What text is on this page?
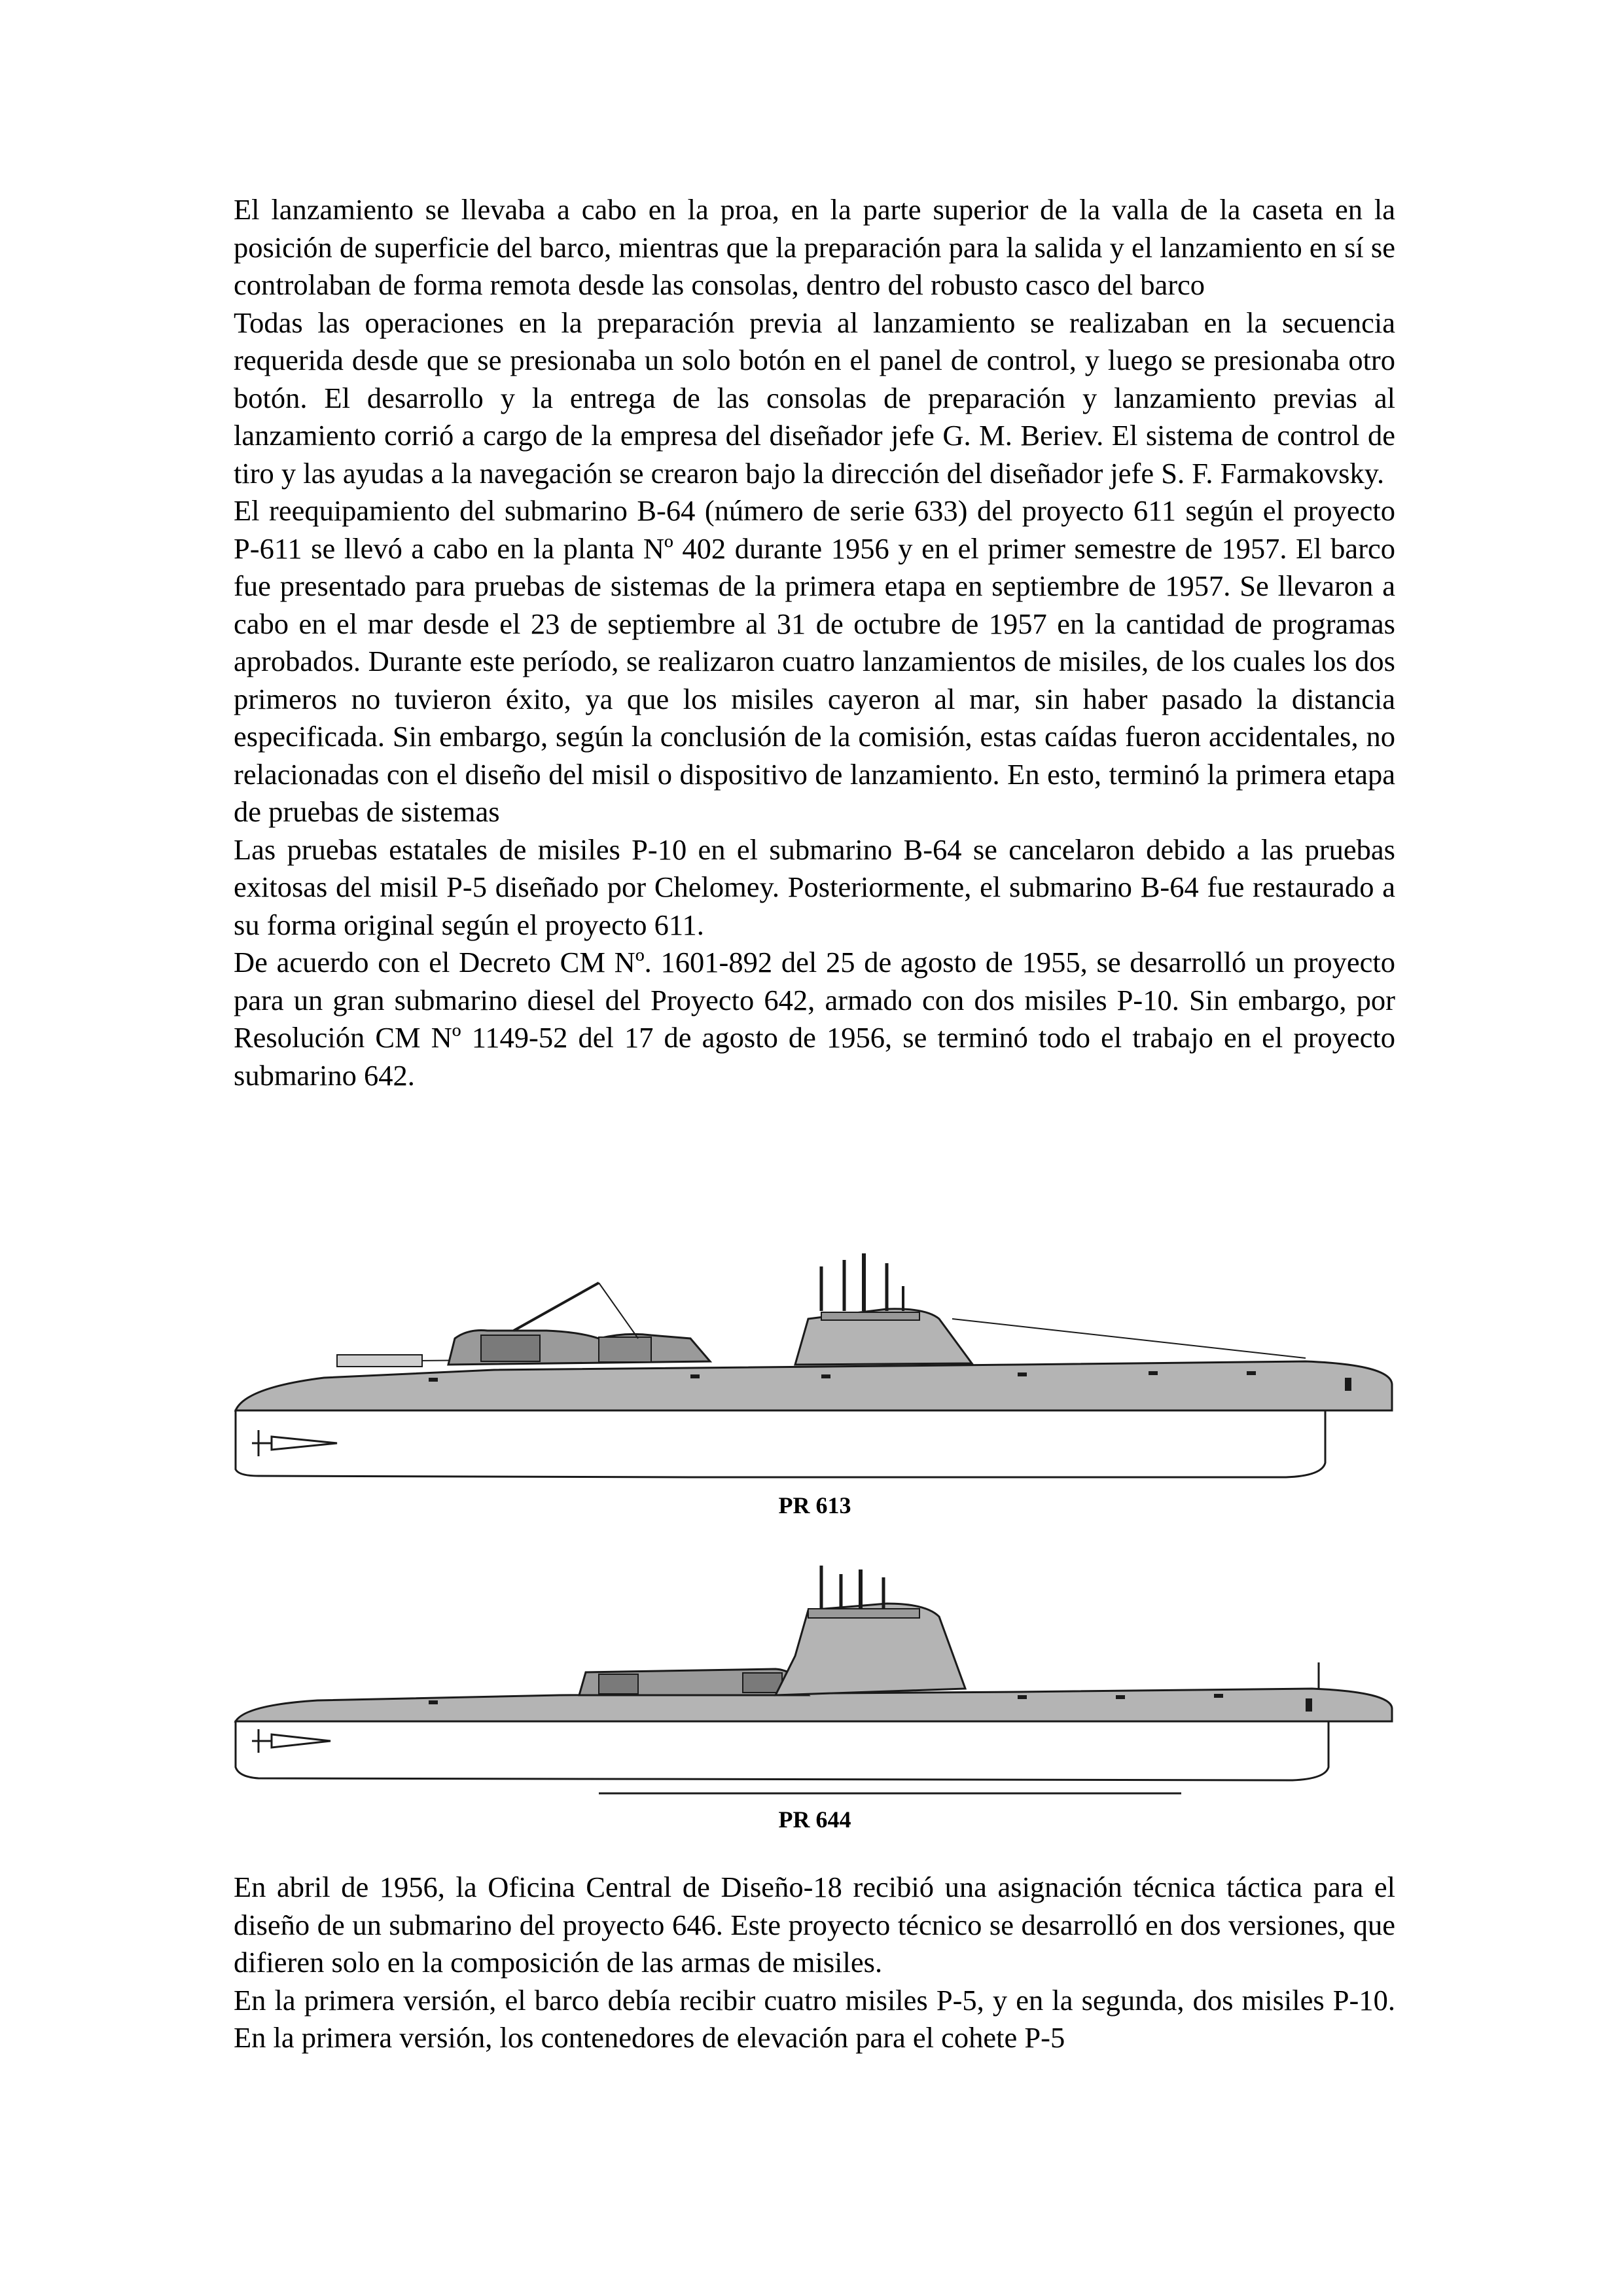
El lanzamiento se llevaba a cabo en la proa, en la parte superior de la valla de la caseta en la posición de superficie del barco, mientras que la preparación para la salida y el lanzamiento en sí se controlaban de forma remota desde las consolas, dentro del robusto casco del barco

Todas las operaciones en la preparación previa al lanzamiento se realizaban en la secuencia requerida desde que se presionaba un solo botón en el panel de control, y luego se presionaba otro botón. El desarrollo y la entrega de las consolas de preparación y lanzamiento previas al lanzamiento corrió a cargo de la empresa del diseñador jefe G. M. Beriev. El sistema de control de tiro y las ayudas a la navegación se crearon bajo la dirección del diseñador jefe S. F. Farmakovsky.

El reequipamiento del submarino B-64 (número de serie 633) del proyecto 611 según el proyecto P-611 se llevó a cabo en la planta Nº 402 durante 1956 y en el primer semestre de 1957. El barco fue presentado para pruebas de sistemas de la primera etapa en septiembre de 1957. Se llevaron a cabo en el mar desde el 23 de septiembre al 31 de octubre de 1957 en la cantidad de programas aprobados. Durante este período, se realizaron cuatro lanzamientos de misiles, de los cuales los dos primeros no tuvieron éxito, ya que los misiles cayeron al mar, sin haber pasado la distancia especificada. Sin embargo, según la conclusión de la comisión, estas caídas fueron accidentales, no relacionadas con el diseño del misil o dispositivo de lanzamiento. En esto, terminó la primera etapa de pruebas de sistemas

Las pruebas estatales de misiles P-10 en el submarino B-64 se cancelaron debido a las pruebas exitosas del misil P-5 diseñado por Chelomey. Posteriormente, el submarino B-64 fue restaurado a su forma original según el proyecto 611.

De acuerdo con el Decreto CM Nº. 1601-892 del 25 de agosto de 1955, se desarrolló un proyecto para un gran submarino diesel del Proyecto 642, armado con dos misiles P-10. Sin embargo, por Resolución CM Nº 1149-52 del 17 de agosto de 1956, se terminó todo el trabajo en el proyecto submarino 642.

PR 613
PR 644

En abril de 1956, la Oficina Central de Diseño-18 recibió una asignación técnica táctica para el diseño de un submarino del proyecto 646. Este proyecto técnico se desarrolló en dos versiones, que difieren solo en la composición de las armas de misiles.

En la primera versión, el barco debía recibir cuatro misiles P-5, y en la segunda, dos misiles P-10. En la primera versión, los contenedores de elevación para el cohete P-5
